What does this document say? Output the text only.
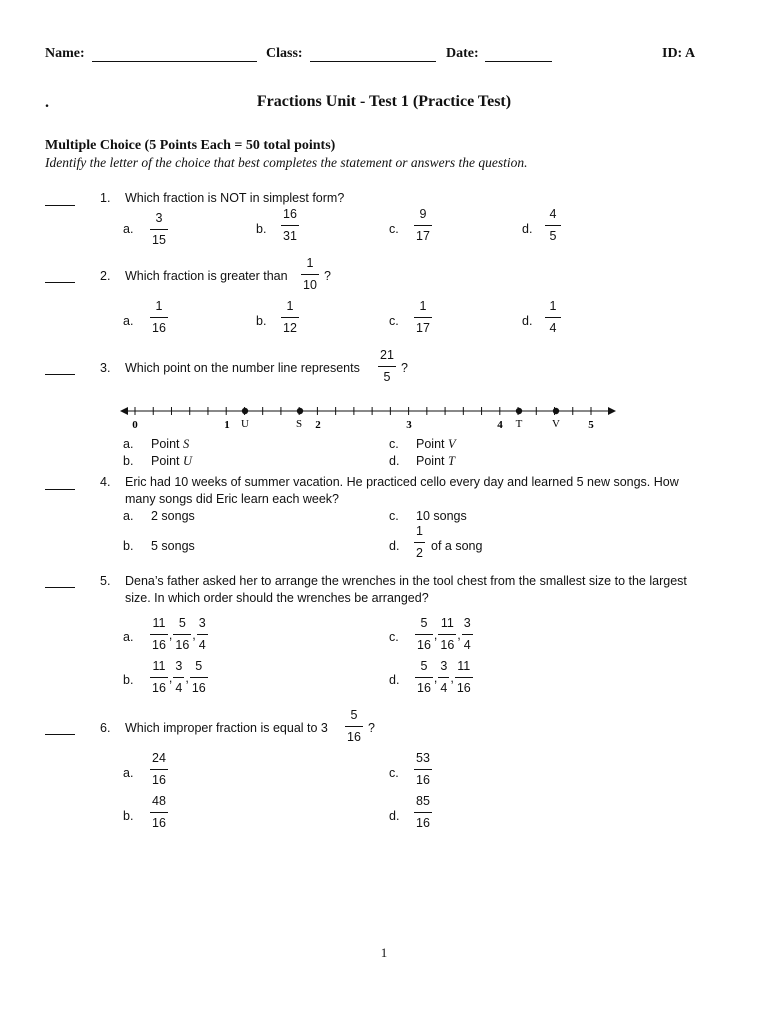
Name:	Class:	Date:	ID: A
.	Fractions Unit - Test 1 (Practice Test)
Multiple Choice (5 Points Each = 50 total points)
Identify the letter of the choice that best completes the statement or answers the question.
1. Which fraction is NOT in simplest form?
a. $\frac{3}{15}$	b. $\frac{16}{31}$	c. $\frac{9}{17}$	d. $\frac{4}{5}$
2. Which fraction is greater than $\frac{1}{10}$ ?
a. $\frac{1}{16}$	b. $\frac{1}{12}$	c. $\frac{1}{17}$	d. $\frac{1}{4}$
3. Which point on the number line represents $\frac{21}{5}$ ?
0	1	2	3	4	5
U	S	T	V
a. Point S
b. Point U
c. Point V
d. Point T
4. Eric had 10 weeks of summer vacation. He practiced cello every day and learned 5 new songs. How
many songs did Eric learn each week?
a. 2 songs
b. 5 songs
c. 10 songs
d. $\frac{1}{2}$ of a song
5. Dena’s father asked her to arrange the wrenches in the tool chest from the smallest size to the largest
size. In which order should the wrenches be arranged?
a. $\frac{11}{16}$ , $\frac{5}{16}$ , $\frac{3}{4}$
b. $\frac{11}{16}$ , $\frac{3}{4}$ , $\frac{5}{16}$
c. $\frac{5}{16}$ , $\frac{11}{16}$ , $\frac{3}{4}$
d. $\frac{5}{16}$ , $\frac{3}{4}$ , $\frac{11}{16}$
6. Which improper fraction is equal to $3 \frac{5}{16}$ ?
a. $\frac{24}{16}$
b. $\frac{48}{16}$
c. $\frac{53}{16}$
d. $\frac{85}{16}$
1
